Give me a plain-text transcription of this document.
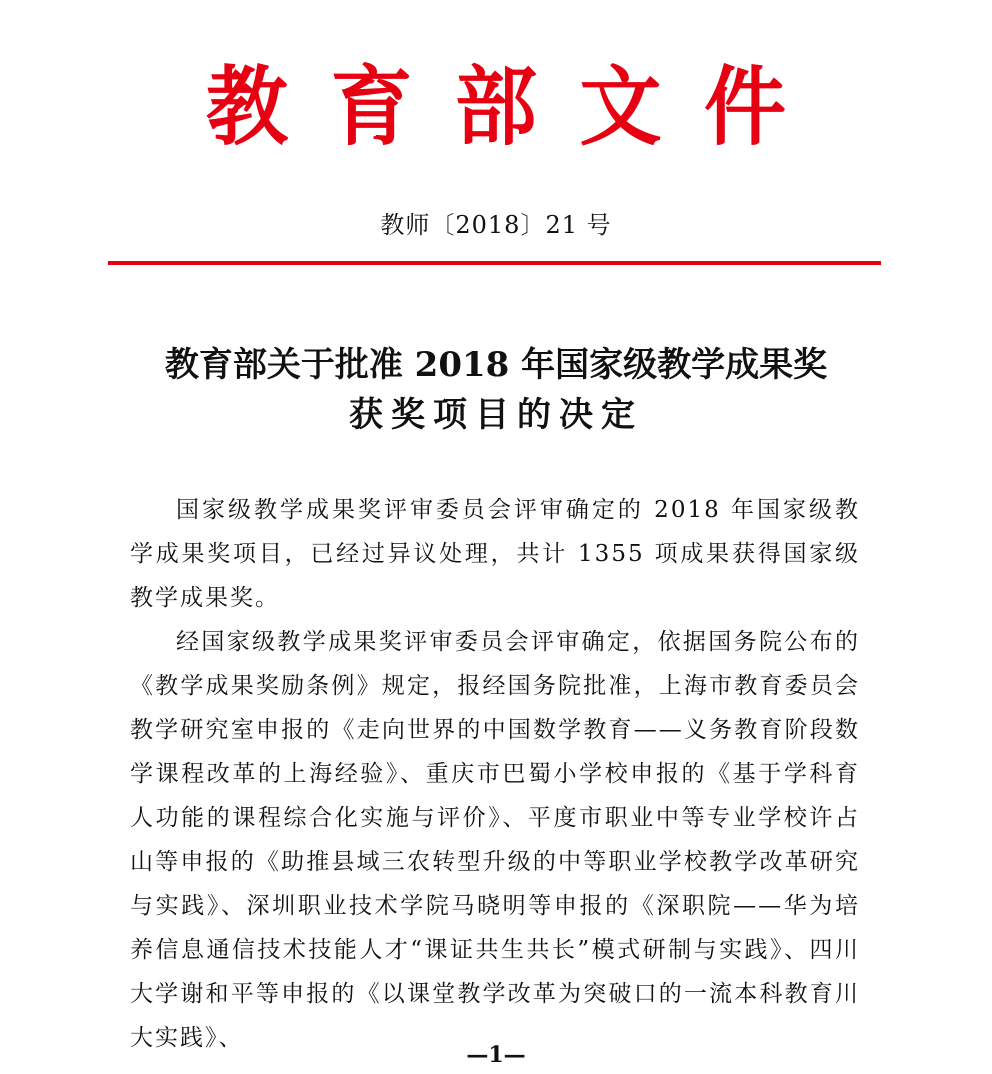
教 育 部 文 件
教师〔2018〕21 号
教育部关于批准 2018 年国家级教学成果奖
获奖项目的决定

国家级教学成果奖评审委员会评审确定的 2018 年国家级教学成果奖项目，已经过异议处理，共计 1355 项成果获得国家级教学成果奖。

经国家级教学成果奖评审委员会评审确定，依据国务院公布的《教学成果奖励条例》规定，报经国务院批准，上海市教育委员会教学研究室申报的《走向世界的中国数学教育——义务教育阶段数学课程改革的上海经验》、重庆市巴蜀小学校申报的《基于学科育人功能的课程综合化实施与评价》、平度市职业中等专业学校许占山等申报的《助推县域三农转型升级的中等职业学校教学改革研究与实践》、深圳职业技术学院马晓明等申报的《深职院——华为培养信息通信技术技能人才“课证共生共长”模式研制与实践》、四川大学谢和平等申报的《以课堂教学改革为突破口的一流本科教育川大实践》、

—1—
